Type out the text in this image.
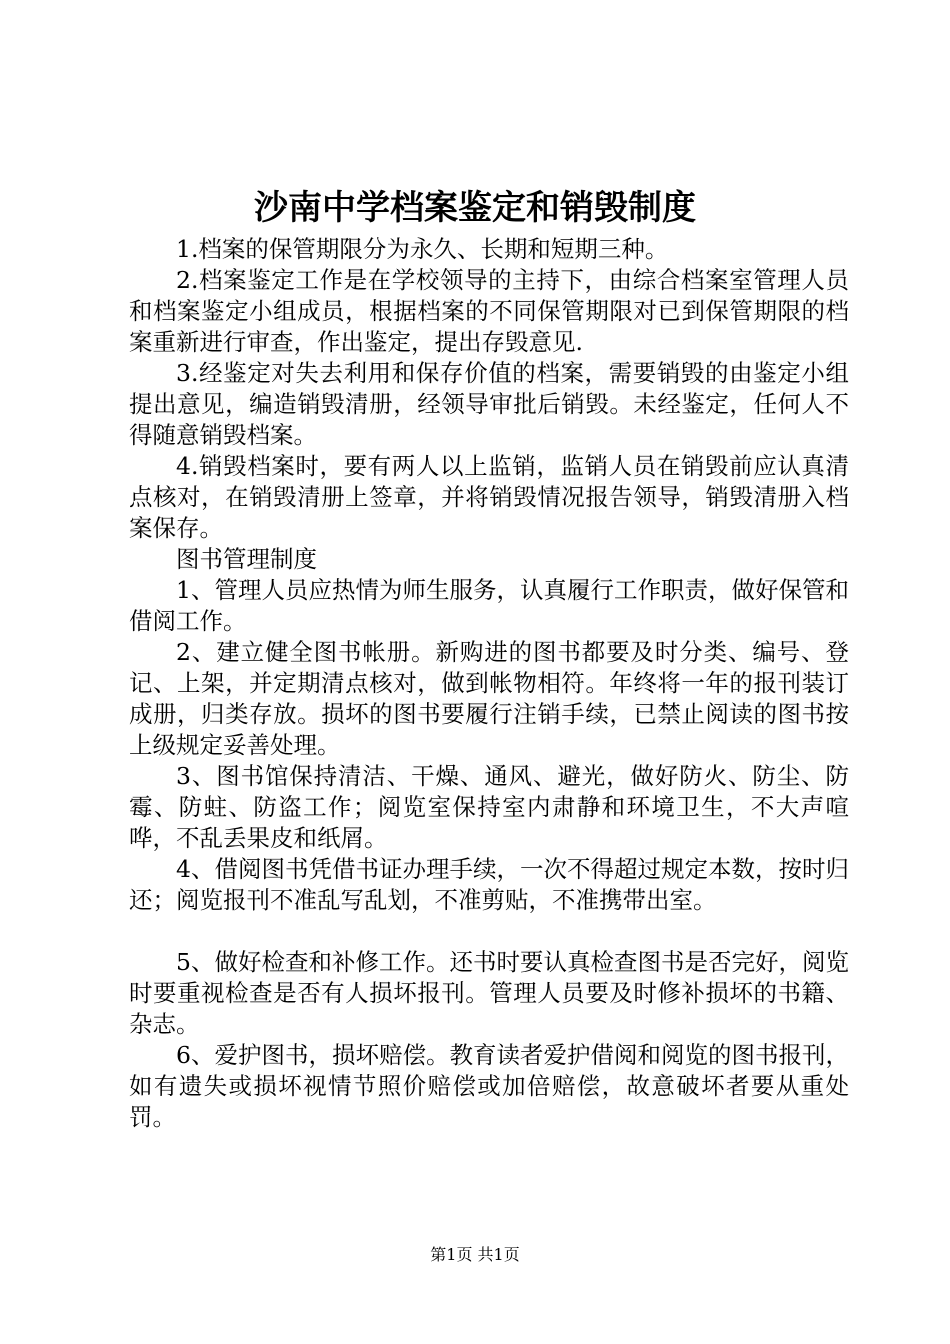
沙南中学档案鉴定和销毁制度

1.档案的保管期限分为永久、长期和短期三种。

2.档案鉴定工作是在学校领导的主持下，由综合档案室管理人员和档案鉴定小组成员，根据档案的不同保管期限对已到保管期限的档案重新进行审查，作出鉴定，提出存毁意见.

3.经鉴定对失去利用和保存价值的档案，需要销毁的由鉴定小组提出意见，编造销毁清册，经领导审批后销毁。未经鉴定，任何人不得随意销毁档案。

4.销毁档案时，要有两人以上监销，监销人员在销毁前应认真清点核对，在销毁清册上签章，并将销毁情况报告领导，销毁清册入档案保存。

图书管理制度

1、管理人员应热情为师生服务，认真履行工作职责，做好保管和借阅工作。

2、建立健全图书帐册。新购进的图书都要及时分类、编号、登记、上架，并定期清点核对，做到帐物相符。年终将一年的报刊装订成册，归类存放。损坏的图书要履行注销手续，已禁止阅读的图书按上级规定妥善处理。

3、图书馆保持清洁、干燥、通风、避光，做好防火、防尘、防霉、防蛀、防盗工作；阅览室保持室内肃静和环境卫生，不大声喧哗，不乱丢果皮和纸屑。

4、借阅图书凭借书证办理手续，一次不得超过规定本数，按时归还；阅览报刊不准乱写乱划，不准剪贴，不准携带出室。

5、做好检查和补修工作。还书时要认真检查图书是否完好，阅览时要重视检查是否有人损坏报刊。管理人员要及时修补损坏的书籍、杂志。

6、爱护图书，损坏赔偿。教育读者爱护借阅和阅览的图书报刊，如有遗失或损坏视情节照价赔偿或加倍赔偿，故意破坏者要从重处罚。

第1页 共1页
